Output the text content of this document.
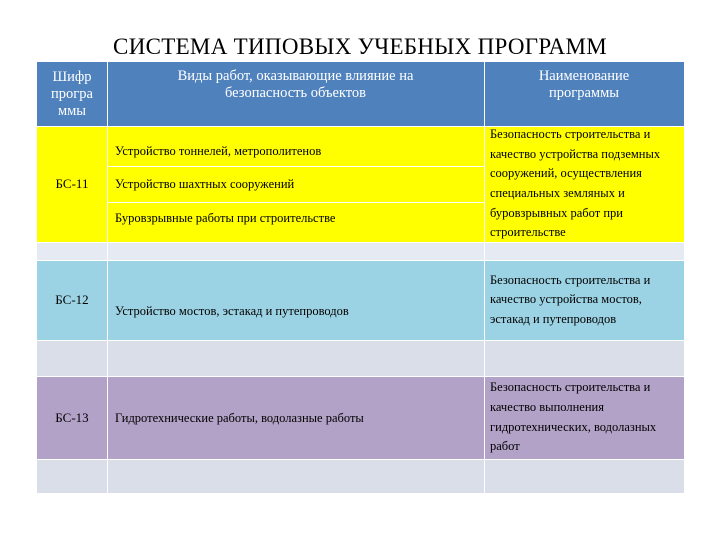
СИСТЕМА ТИПОВЫХ УЧЕБНЫХ ПРОГРАММ
Шифр програ ммы
Виды работ, оказывающие влияние на безопасность объектов
Наименование программы
БС-11
Устройство тоннелей, метрополитенов
Устройство шахтных сооружений
Буровзрывные работы при строительстве
Безопасность строительства и качество устройства подземных сооружений, осуществления специальных земляных и буровзрывных работ при строительстве
БС-12
Устройство мостов, эстакад и путепроводов
Безопасность строительства и качество устройства мостов, эстакад и путепроводов
БС-13	Гидротехнические работы, водолазные работы
Безопасность строительства и качество выполнения гидротехнических, водолазных работ
